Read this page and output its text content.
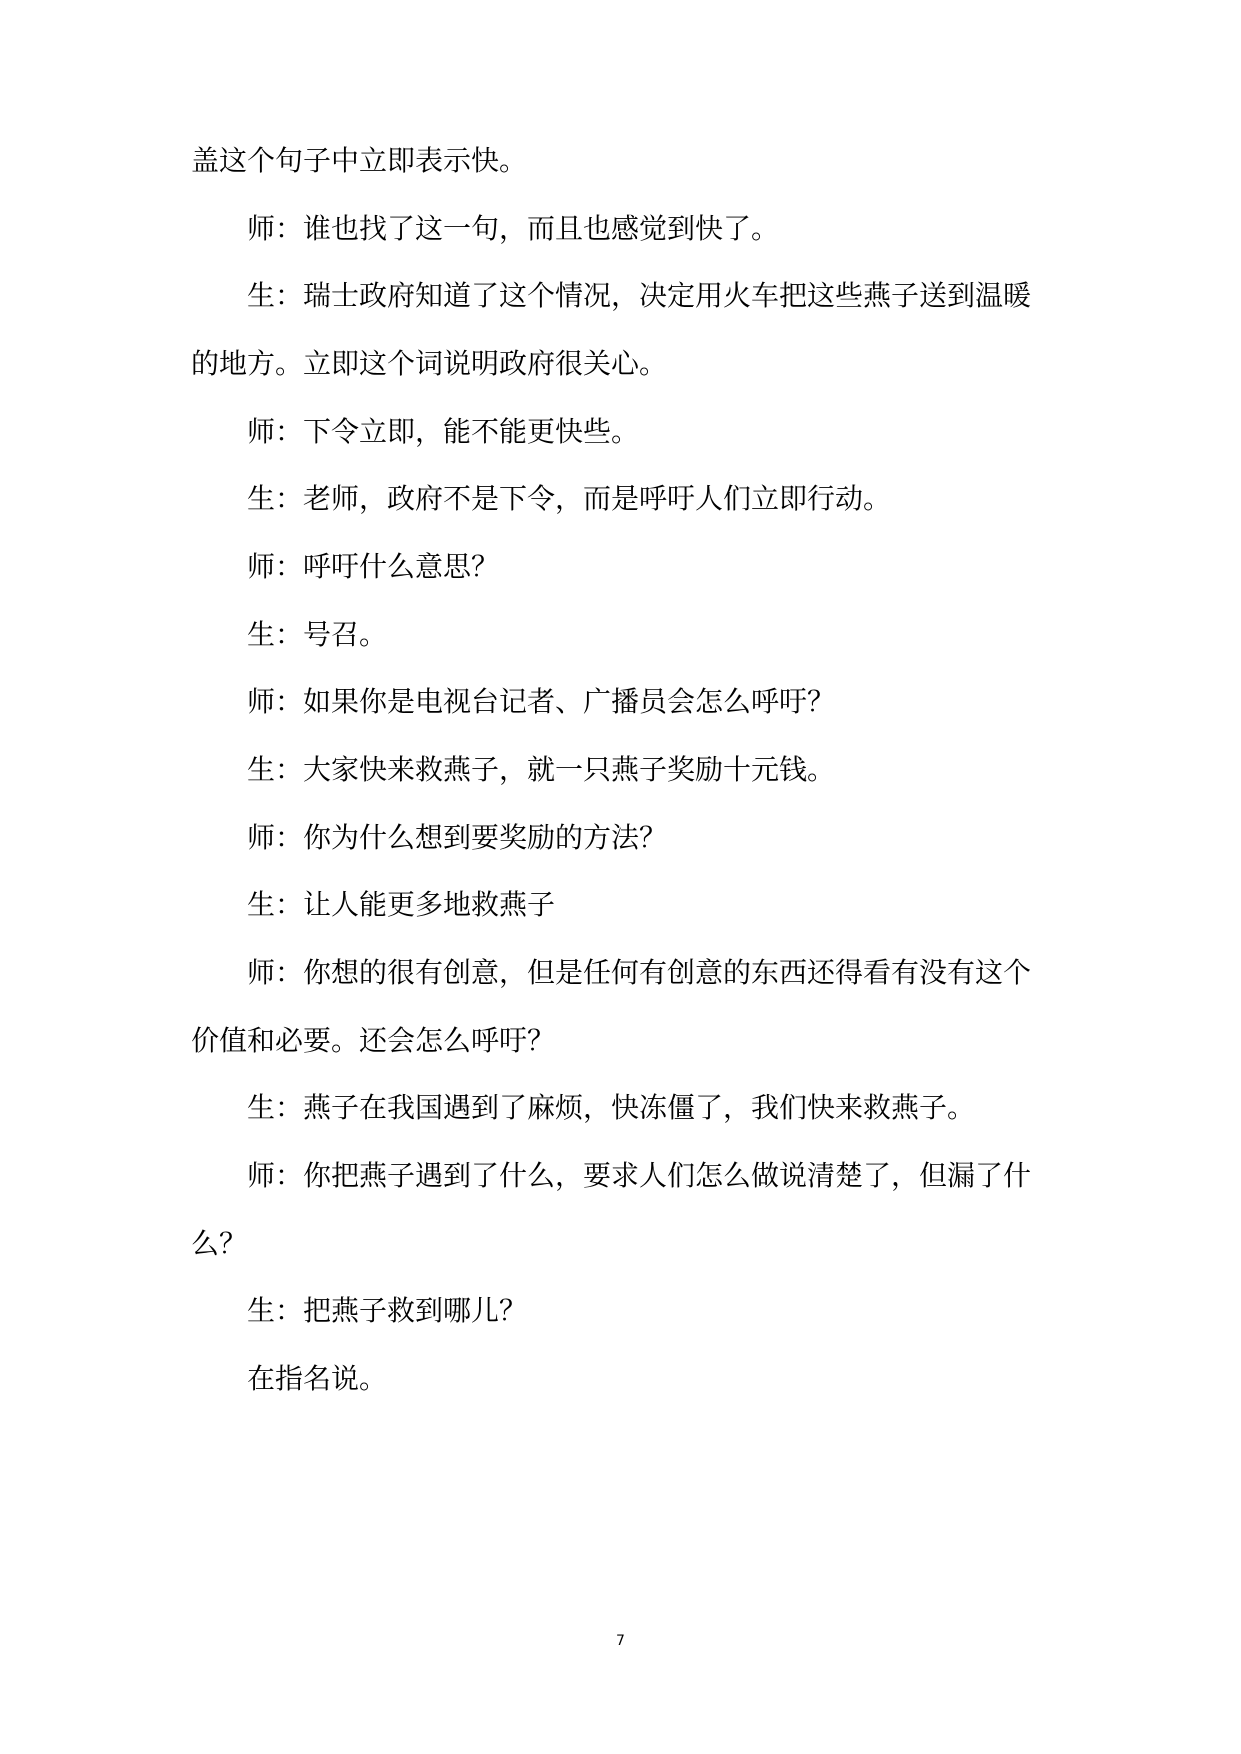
盖这个句子中立即表示快。
师：谁也找了这一句，而且也感觉到快了。
生：瑞士政府知道了这个情况，决定用火车把这些燕子送到温暖
的地方。立即这个词说明政府很关心。
师：下令立即，能不能更快些。
生：老师，政府不是下令，而是呼吁人们立即行动。
师：呼吁什么意思？
生：号召。
师：如果你是电视台记者、广播员会怎么呼吁？
生：大家快来救燕子，就一只燕子奖励十元钱。
师：你为什么想到要奖励的方法？
生：让人能更多地救燕子
师：你想的很有创意，但是任何有创意的东西还得看有没有这个
价值和必要。还会怎么呼吁？
生：燕子在我国遇到了麻烦，快冻僵了，我们快来救燕子。
师：你把燕子遇到了什么，要求人们怎么做说清楚了，但漏了什
么？
生：把燕子救到哪儿？
在指名说。
7
